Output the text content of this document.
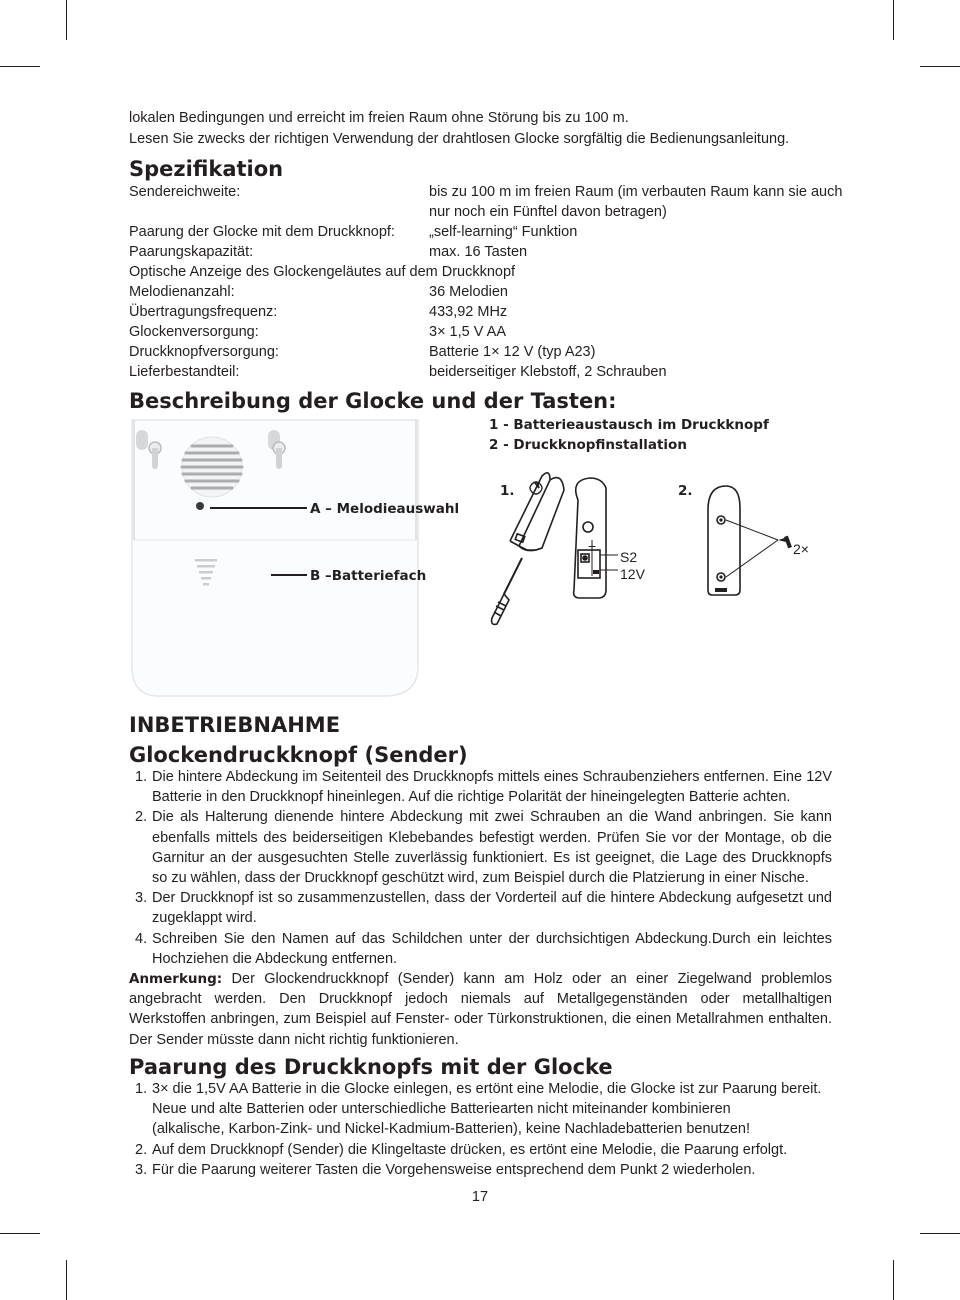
lokalen Bedingungen und erreicht im freien Raum ohne Störung bis zu 100 m.
Lesen Sie zwecks der richtigen Verwendung der drahtlosen Glocke sorgfältig die Bedienungsanleitung.
Spezifikation
Sendereichweite:	bis zu 100 m im freien Raum (im verbauten Raum kann sie auch nur noch ein Fünftel davon betragen)
Paarung der Glocke mit dem Druckknopf: „self-learning“ Funktion
Paarungskapazität:	max. 16 Tasten
Optische Anzeige des Glockengeläutes auf dem Druckknopf
Melodienanzahl:	36 Melodien
Übertragungsfrequenz:	433,92 MHz
Glockenversorgung:	3× 1,5 V AA
Druckknopfversorgung:	Batterie 1× 12 V (typ A23)
Lieferbestandteil:	beiderseitiger Klebstoff, 2 Schrauben
Beschreibung der Glocke und der Tasten:
A – Melodieauswahl
B –Batteriefach
1 - Batterieaustausch im Druckknopf
2 - Druckknopfinstallation
1.	2.
+
S2
12V
2×
INBETRIEBNAHME
Glockendruckknopf (Sender)
1. Die hintere Abdeckung im Seitenteil des Druckknopfs mittels eines Schraubenziehers entfernen. Eine 12V Batterie in den Druckknopf hineinlegen. Auf die richtige Polarität der hineingelegten Batterie achten.
2. Die als Halterung dienende hintere Abdeckung mit zwei Schrauben an die Wand anbringen. Sie kann ebenfalls mittels des beiderseitigen Klebebandes befestigt werden. Prüfen Sie vor der Montage, ob die Garnitur an der ausgesuchten Stelle zuverlässig funktioniert. Es ist geeignet, die Lage des Druckknopfs so zu wählen, dass der Druckknopf geschützt wird, zum Beispiel durch die Platzierung in einer Nische.
3. Der Druckknopf ist so zusammenzustellen, dass der Vorderteil auf die hintere Abdeckung aufgesetzt und zugeklappt wird.
4. Schreiben Sie den Namen auf das Schildchen unter der durchsichtigen Abdeckung.Durch ein leichtes Hochziehen die Abdeckung entfernen.
Anmerkung: Der Glockendruckknopf (Sender) kann am Holz oder an einer Ziegelwand problemlos angebracht werden. Den Druckknopf jedoch niemals auf Metallgegenständen oder metallhaltigen Werkstoffen anbringen, zum Beispiel auf Fenster- oder Türkonstruktionen, die einen Metallrahmen enthalten. Der Sender müsste dann nicht richtig funktionieren.
Paarung des Druckknopfs mit der Glocke
1. 3× die 1,5V AA Batterie in die Glocke einlegen, es ertönt eine Melodie, die Glocke ist zur Paarung bereit.
Neue und alte Batterien oder unterschiedliche Batteriearten nicht miteinander kombinieren
(alkalische, Karbon-Zink- und Nickel-Kadmium-Batterien), keine Nachladebatterien benutzen!
2. Auf dem Druckknopf (Sender) die Klingeltaste drücken, es ertönt eine Melodie, die Paarung erfolgt.
3. Für die Paarung weiterer Tasten die Vorgehensweise entsprechend dem Punkt 2 wiederholen.
17
